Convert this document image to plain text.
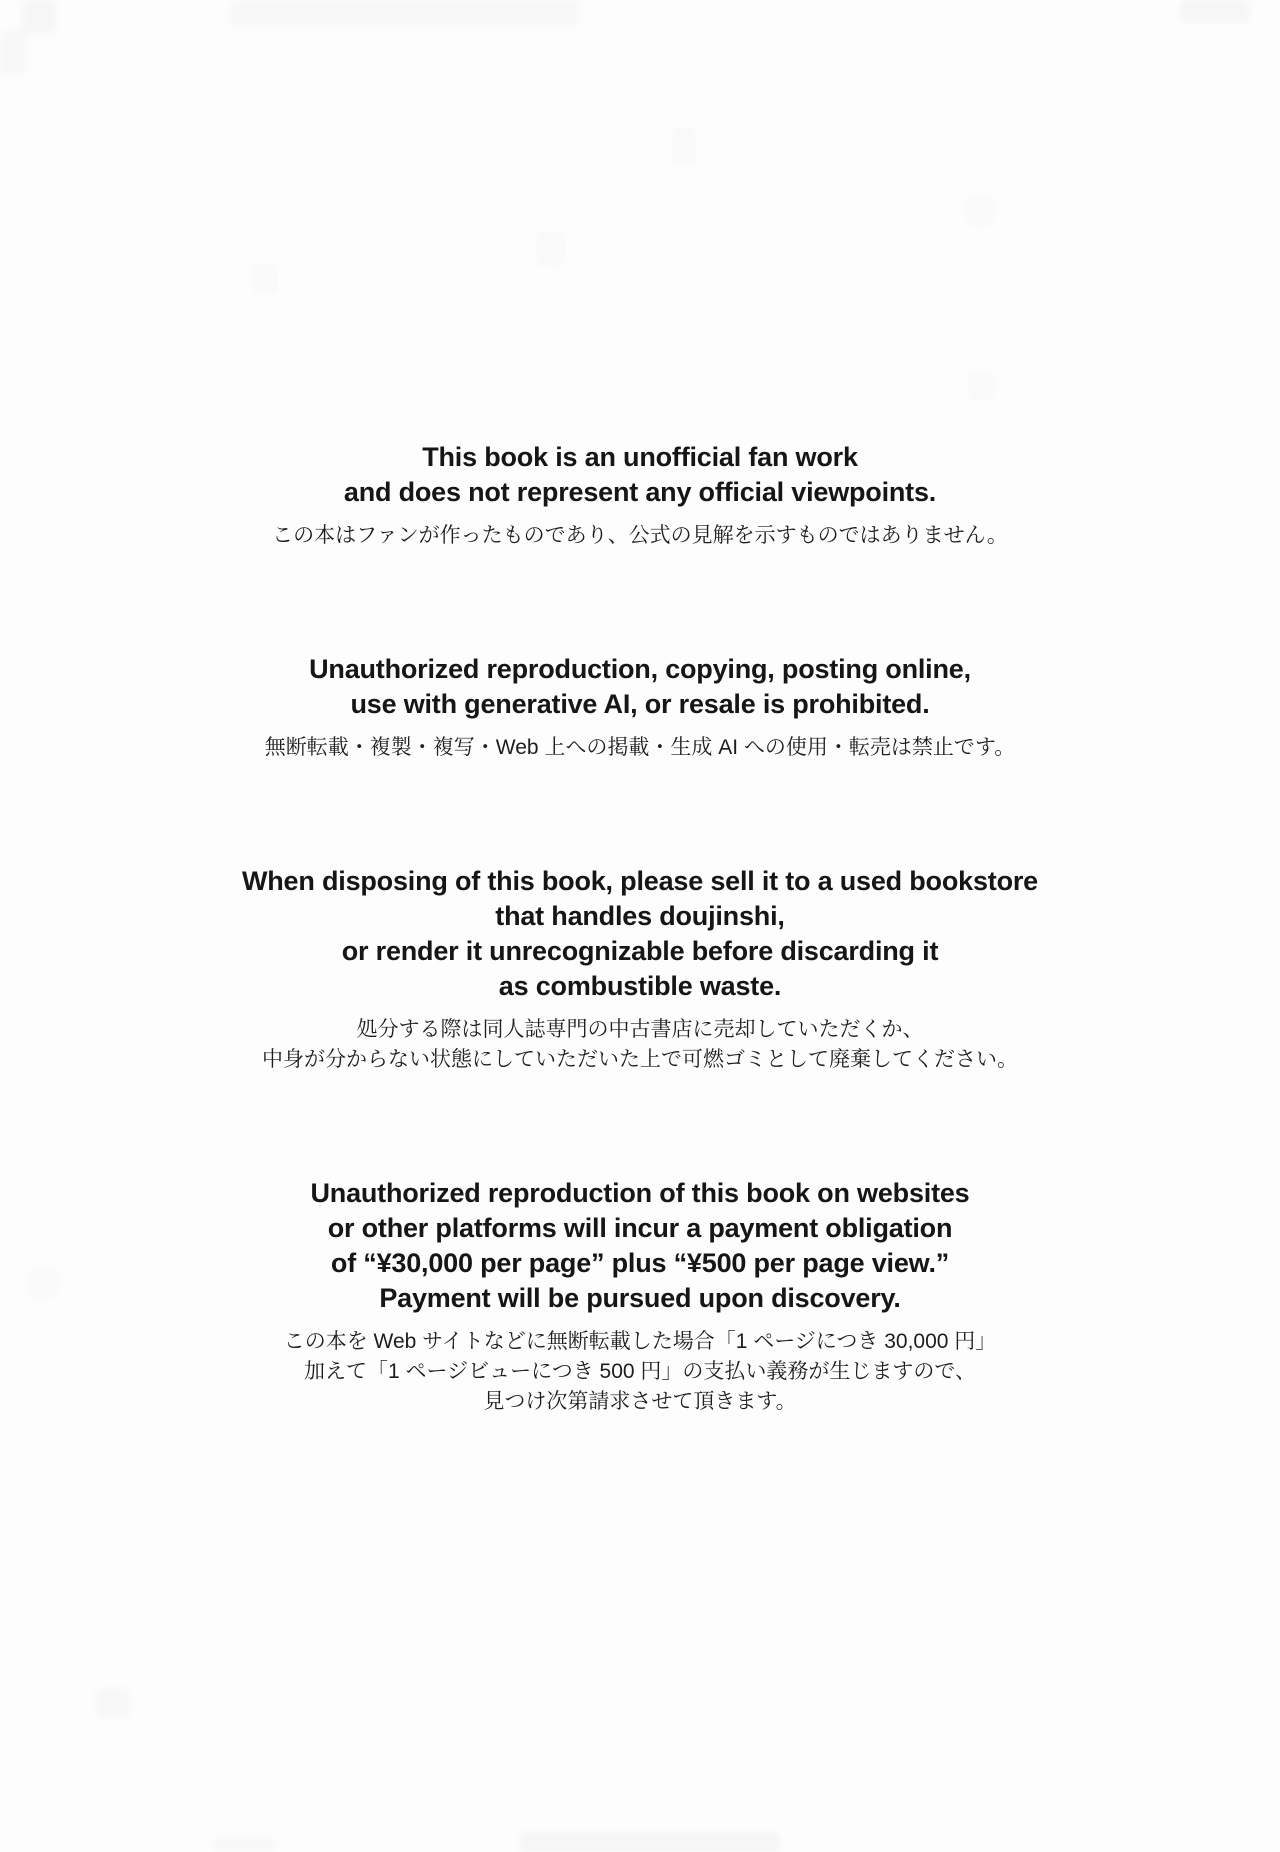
This book is an unofficial fan work
and does not represent any official viewpoints.
この本はファンが作ったものであり、公式の見解を示すものではありません。
Unauthorized reproduction, copying, posting online,
use with generative AI, or resale is prohibited.
無断転載・複製・複写・Web 上への掲載・生成 AI への使用・転売は禁止です。
When disposing of this book, please sell it to a used bookstore
that handles doujinshi,
or render it unrecognizable before discarding it
as combustible waste.
処分する際は同人誌専門の中古書店に売却していただくか、
中身が分からない状態にしていただいた上で可燃ゴミとして廃棄してください。
Unauthorized reproduction of this book on websites
or other platforms will incur a payment obligation
of “¥30,000 per page” plus “¥500 per page view.”
Payment will be pursued upon discovery.
この本を Web サイトなどに無断転載した場合「1 ページにつき 30,000 円」
加えて「1 ページビューにつき 500 円」の支払い義務が生じますので、
見つけ次第請求させて頂きます。
